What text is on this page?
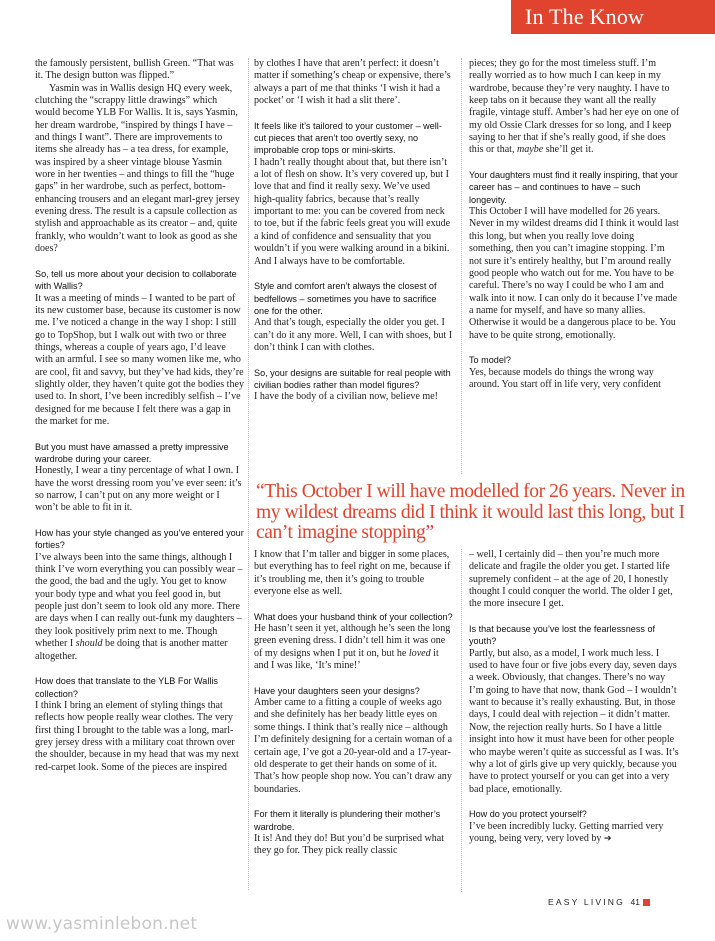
In The Know

the famously persistent, bullish Green. “That was it. The design button was flipped.”

Yasmin was in Wallis design HQ every week, clutching the “scrappy little drawings” which would become YLB For Wallis. It is, says Yasmin, her dream wardrobe, “inspired by things I have – and things I want”. There are improvements to items she already has – a tea dress, for example, was inspired by a sheer vintage blouse Yasmin wore in her twenties – and things to fill the “huge gaps” in her wardrobe, such as perfect, bottom-enhancing trousers and an elegant marl-grey jersey evening dress. The result is a capsule collection as stylish and approachable as its creator – and, quite frankly, who wouldn’t want to look as good as she does?

So, tell us more about your decision to collaborate with Wallis?

It was a meeting of minds – I wanted to be part of its new customer base, because its customer is now me. I’ve noticed a change in the way I shop: I still go to TopShop, but I walk out with two or three things, whereas a couple of years ago, I’d leave with an armful. I see so many women like me, who are cool, fit and savvy, but they’ve had kids, they’re slightly older, they haven’t quite got the bodies they used to. In short, I’ve been incredibly selfish – I’ve designed for me because I felt there was a gap in the market for me.

But you must have amassed a pretty impressive wardrobe during your career.

Honestly, I wear a tiny percentage of what I own. I have the worst dressing room you’ve ever seen: it’s so narrow, I can’t put on any more weight or I won’t be able to fit in it.

How has your style changed as you’ve entered your forties?

I’ve always been into the same things, although I think I’ve worn everything you can possibly wear – the good, the bad and the ugly. You get to know your body type and what you feel good in, but people just don’t seem to look old any more. There are days when I can really out-funk my daughters – they look positively prim next to me. Though whether I should be doing that is another matter altogether.

How does that translate to the YLB For Wallis collection?

I think I bring an element of styling things that reflects how people really wear clothes. The very first thing I brought to the table was a long, marl-grey jersey dress with a military coat thrown over the shoulder, because in my head that was my next red-carpet look. Some of the pieces are inspired

by clothes I have that aren’t perfect: it doesn’t matter if something’s cheap or expensive, there’s always a part of me that thinks ‘I wish it had a pocket’ or ‘I wish it had a slit there’.

It feels like it’s tailored to your customer – well-cut pieces that aren’t too overtly sexy, no improbable crop tops or mini-skirts.

I hadn’t really thought about that, but there isn’t a lot of flesh on show. It’s very covered up, but I love that and find it really sexy. We’ve used high-quality fabrics, because that’s really important to me: you can be covered from neck to toe, but if the fabric feels great you will exude a kind of confidence and sensuality that you wouldn’t if you were walking around in a bikini. And I always have to be comfortable.

Style and comfort aren’t always the closest of bedfellows – sometimes you have to sacrifice one for the other.

And that’s tough, especially the older you get. I can’t do it any more. Well, I can with shoes, but I don’t think I can with clothes.

So, your designs are suitable for real people with civilian bodies rather than model figures?

I have the body of a civilian now, believe me!

pieces; they go for the most timeless stuff. I’m really worried as to how much I can keep in my wardrobe, because they’re very naughty. I have to keep tabs on it because they want all the really fragile, vintage stuff. Amber’s had her eye on one of my old Ossie Clark dresses for so long, and I keep saying to her that if she’s really good, if she does this or that, maybe she’ll get it.

Your daughters must find it really inspiring, that your career has – and continues to have – such longevity.

This October I will have modelled for 26 years. Never in my wildest dreams did I think it would last this long, but when you really love doing something, then you can’t imagine stopping. I’m not sure it’s entirely healthy, but I’m around really good people who watch out for me. You have to be careful. There’s no way I could be who I am and walk into it now. I can only do it because I’ve made a name for myself, and have so many allies. Otherwise it would be a dangerous place to be. You have to be quite strong, emotionally.

To model?

Yes, because models do things the wrong way around. You start off in life very, very confident

“This October I will have modelled for 26 years. Never in my wildest dreams did I think it would last this long, but I can’t imagine stopping”

I know that I’m taller and bigger in some places, but everything has to feel right on me, because if it’s troubling me, then it’s going to trouble everyone else as well.

What does your husband think of your collection?

He hasn’t seen it yet, although he’s seen the long green evening dress. I didn’t tell him it was one of my designs when I put it on, but he loved it and I was like, ‘It’s mine!’

Have your daughters seen your designs?

Amber came to a fitting a couple of weeks ago and she definitely has her beady little eyes on some things. I think that’s really nice – although I’m definitely designing for a certain woman of a certain age, I’ve got a 20-year-old and a 17-year-old desperate to get their hands on some of it. That’s how people shop now. You can’t draw any boundaries.

For them it literally is plundering their mother’s wardrobe.

It is! And they do! But you’d be surprised what they go for. They pick really classic

– well, I certainly did – then you’re much more delicate and fragile the older you get. I started life supremely confident – at the age of 20, I honestly thought I could conquer the world. The older I get, the more insecure I get.

Is that because you’ve lost the fearlessness of youth?

Partly, but also, as a model, I work much less. I used to have four or five jobs every day, seven days a week. Obviously, that changes. There’s no way I’m going to have that now, thank God – I wouldn’t want to because it’s really exhausting. But, in those days, I could deal with rejection – it didn’t matter. Now, the rejection really hurts. So I have a little insight into how it must have been for other people who maybe weren’t quite as successful as I was. It’s why a lot of girls give up very quickly, because you have to protect yourself or you can get into a very bad place, emotionally.

How do you protect yourself?

I’ve been incredibly lucky. Getting married very young, being very, very loved by ➔

EASY LIVING 41
www.yasminlebon.net
